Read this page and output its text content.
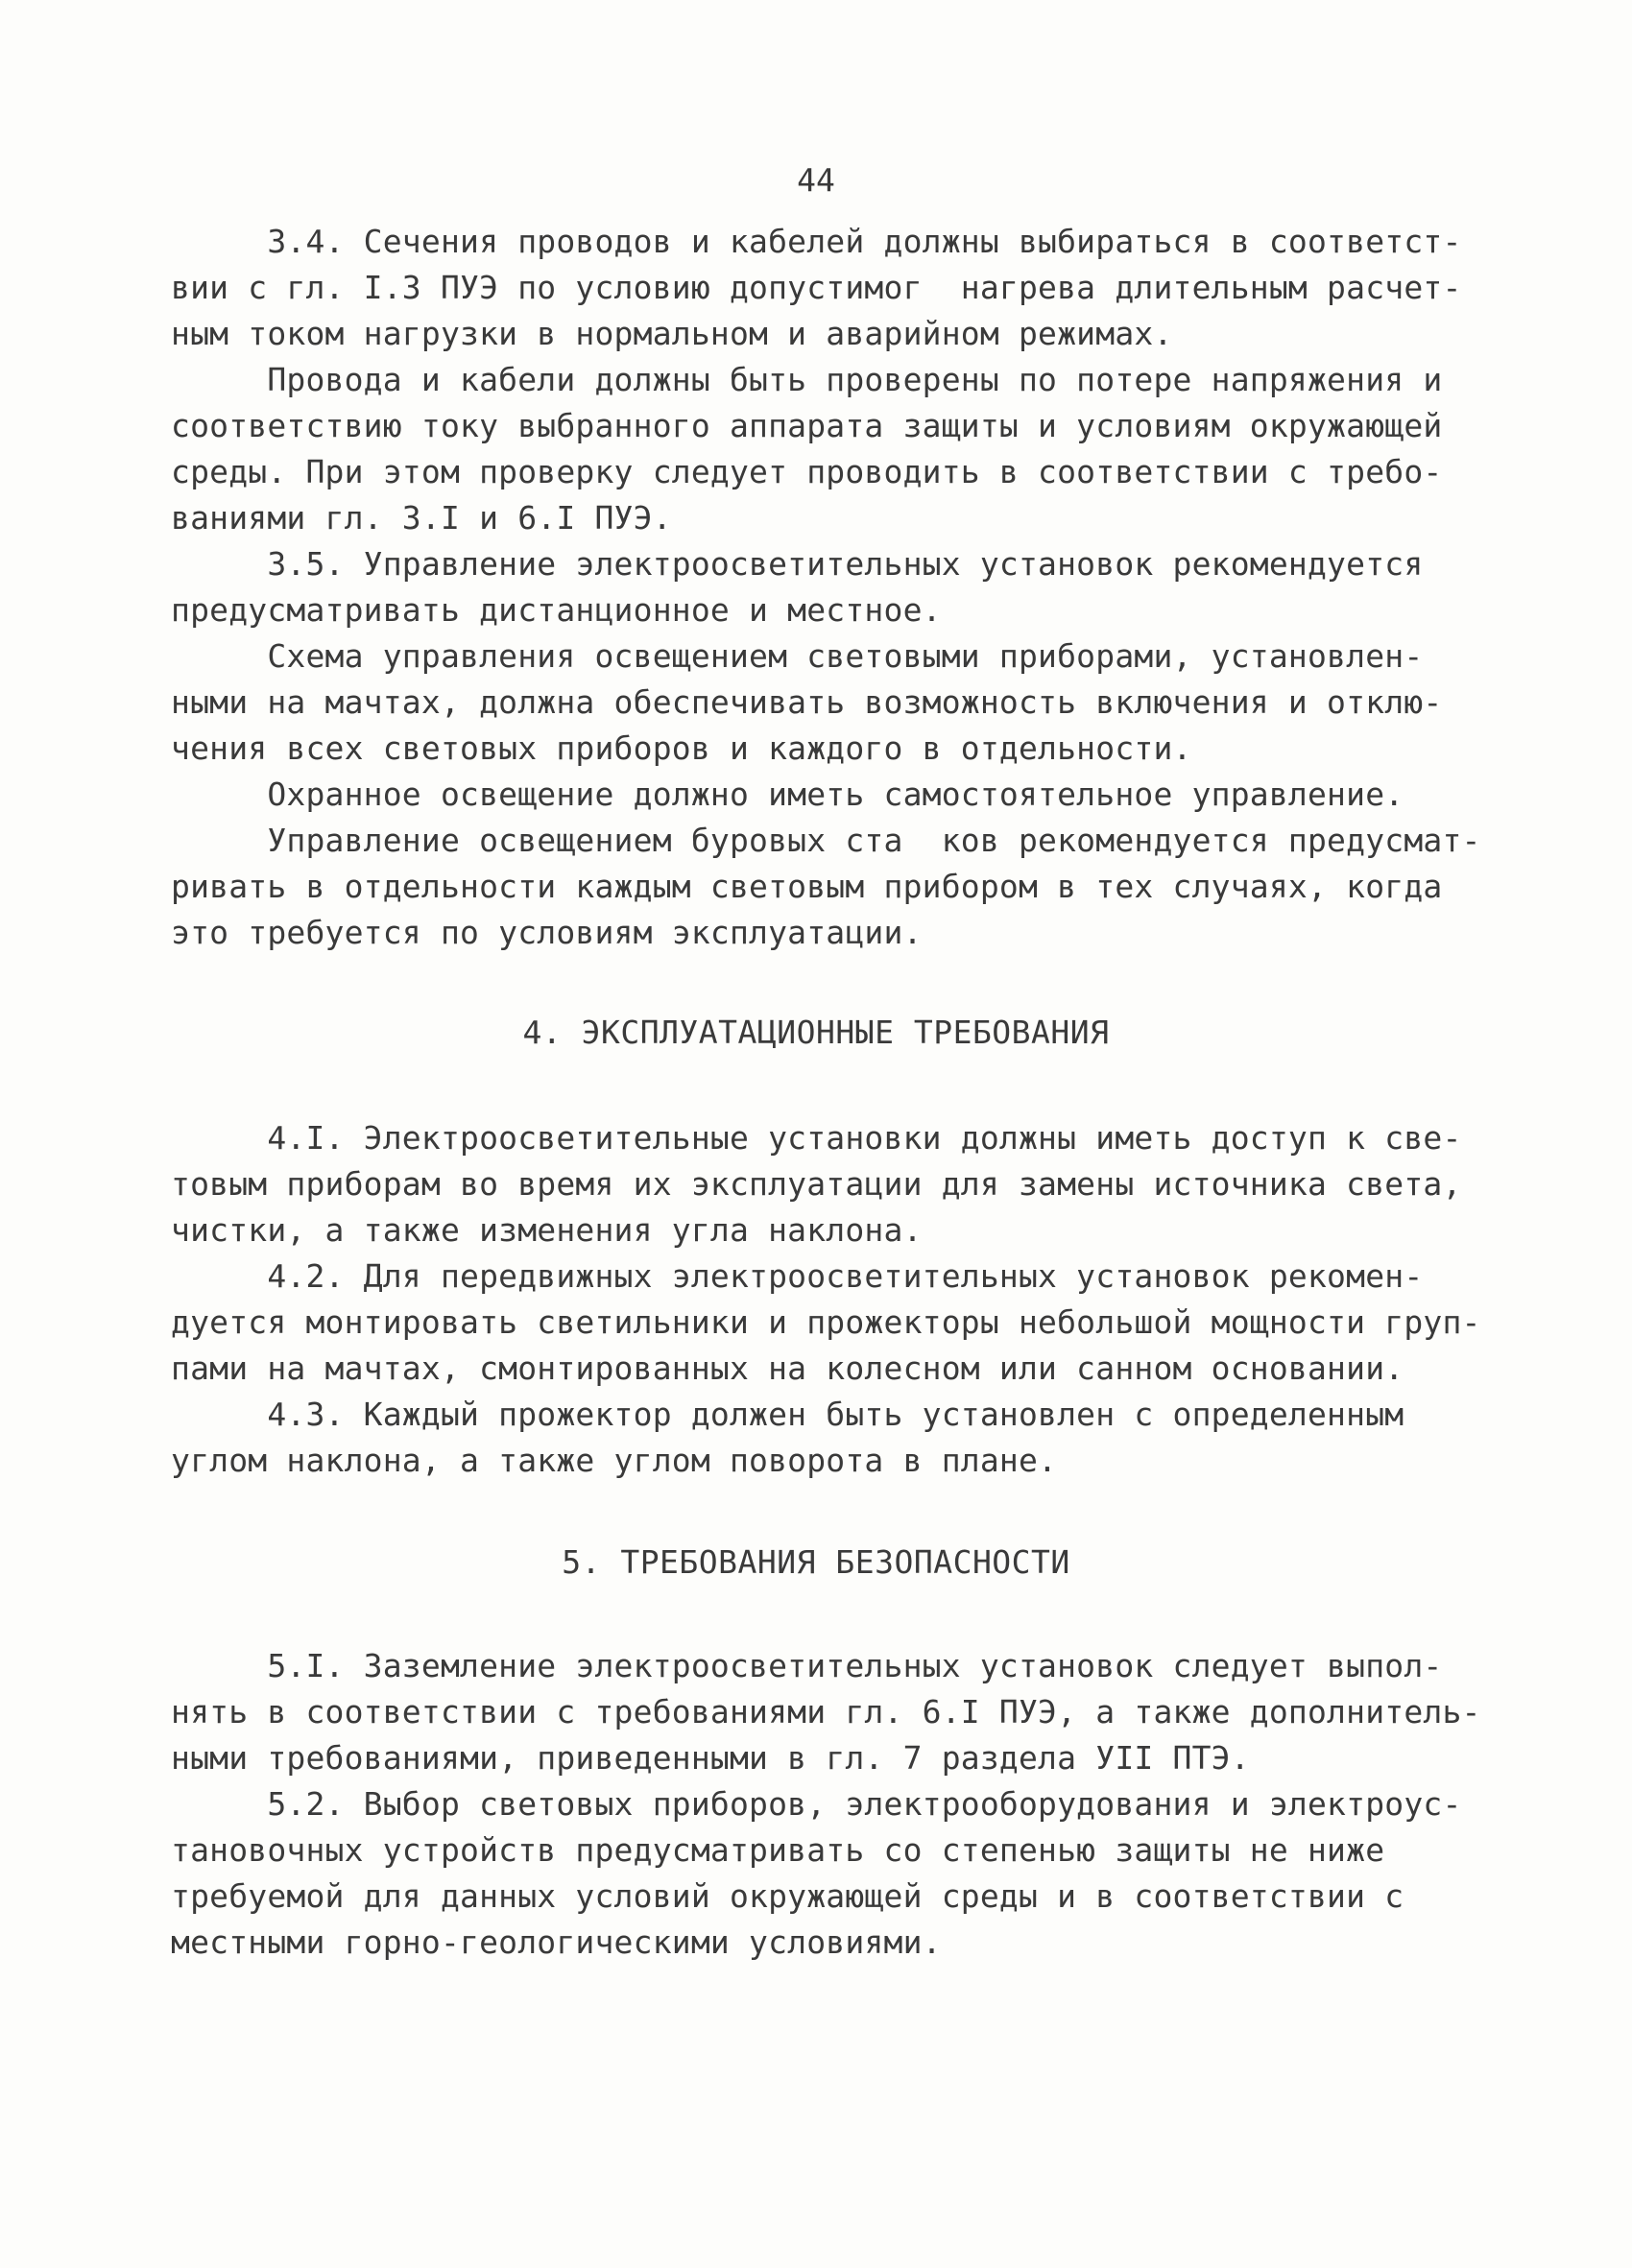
44
3.4. Сечения проводов и кабелей должны выбираться в соответст-
вии с гл. I.3 ПУЭ по условию допустимог  нагрева длительным расчет-
ным током нагрузки в нормальном и аварийном режимах.
Провода и кабели должны быть проверены по потере напряжения и
соответствию току выбранного аппарата защиты и условиям окружающей
среды. При этом проверку следует проводить в соответствии с требо-
ваниями гл. 3.I и 6.I ПУЭ.
3.5. Управление электроосветительных установок рекомендуется
предусматривать дистанционное и местное.
Схема управления освещением световыми приборами, установлен-
ными на мачтах, должна обеспечивать возможность включения и отклю-
чения всех световых приборов и каждого в отдельности.
Охранное освещение должно иметь самостоятельное управление.
Управление освещением буровых ста  ков рекомендуется предусмат-
ривать в отдельности каждым световым прибором в тех случаях, когда
это требуется по условиям эксплуатации.
4. ЭКСПЛУАТАЦИОННЫЕ ТРЕБОВАНИЯ
4.I. Электроосветительные установки должны иметь доступ к све-
товым приборам во время их эксплуатации для замены источника света,
чистки, а также изменения угла наклона.
4.2. Для передвижных электроосветительных установок рекомен-
дуется монтировать светильники и прожекторы небольшой мощности груп-
пами на мачтах, смонтированных на колесном или санном основании.
4.3. Каждый прожектор должен быть установлен с определенным
углом наклона, а также углом поворота в плане.
5. ТРЕБОВАНИЯ БЕЗОПАСНОСТИ
5.I. Заземление электроосветительных установок следует выпол-
нять в соответствии с требованиями гл. 6.I ПУЭ, а также дополнитель-
ными требованиями, приведенными в гл. 7 раздела УII ПТЭ.
5.2. Выбор световых приборов, электрооборудования и электроус-
тановочных устройств предусматривать со степенью защиты не ниже
требуемой для данных условий окружающей среды и в соответствии с
местными горно-геологическими условиями.
